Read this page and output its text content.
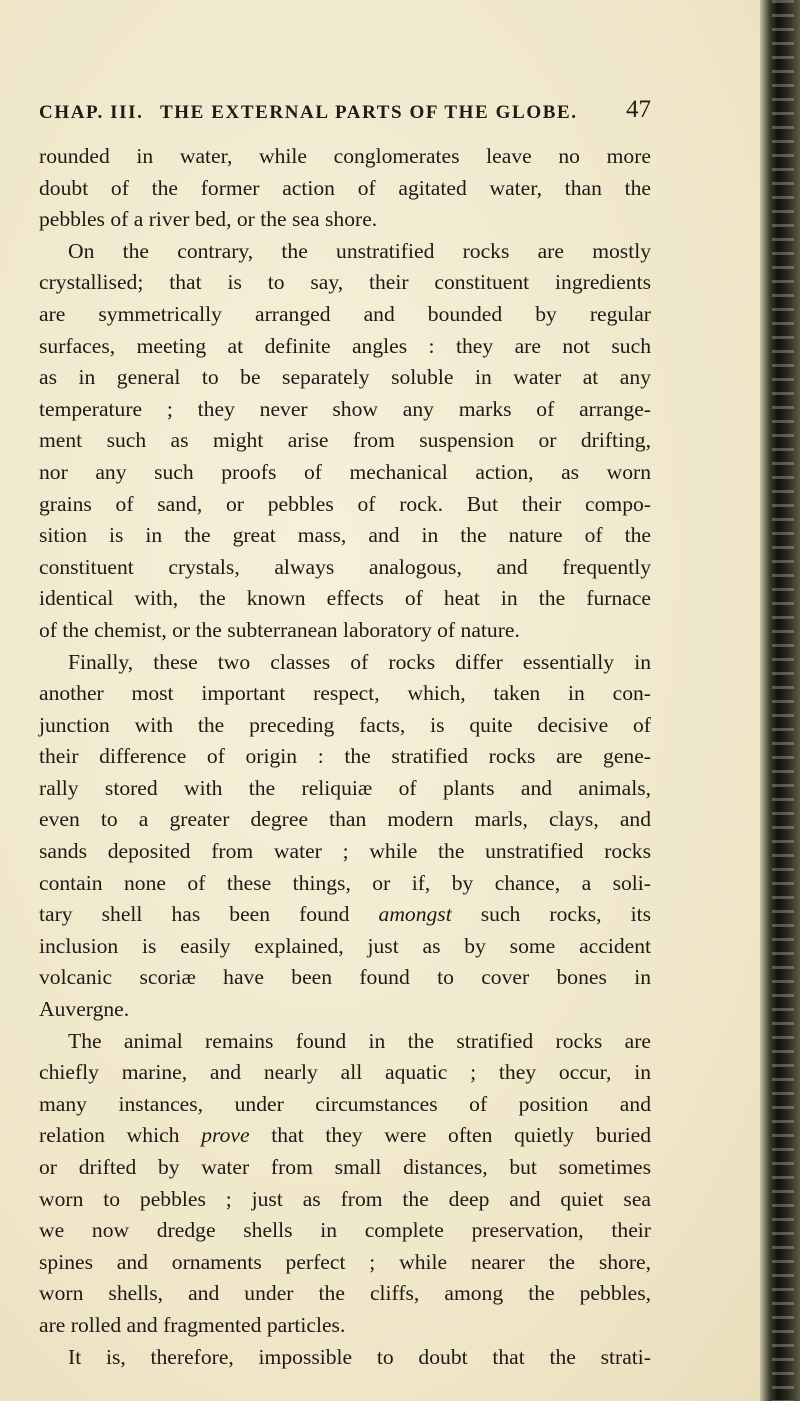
CHAP. III. THE EXTERNAL PARTS OF THE GLOBE. 47
rounded in water, while conglomerates leave no more
doubt of the former action of agitated water, than the
pebbles of a river bed, or the sea shore.
On the contrary, the unstratified rocks are mostly
crystallised; that is to say, their constituent ingredients
are symmetrically arranged and bounded by regular
surfaces, meeting at definite angles : they are not such
as in general to be separately soluble in water at any
temperature ; they never show any marks of arrange-
ment such as might arise from suspension or drifting,
nor any such proofs of mechanical action, as worn
grains of sand, or pebbles of rock. But their compo-
sition is in the great mass, and in the nature of the
constituent crystals, always analogous, and frequently
identical with, the known effects of heat in the furnace
of the chemist, or the subterranean laboratory of nature.
Finally, these two classes of rocks differ essentially in
another most important respect, which, taken in con-
junction with the preceding facts, is quite decisive of
their difference of origin : the stratified rocks are gene-
rally stored with the reliquiæ of plants and animals,
even to a greater degree than modern marls, clays, and
sands deposited from water ; while the unstratified rocks
contain none of these things, or if, by chance, a soli-
tary shell has been found amongst such rocks, its
inclusion is easily explained, just as by some accident
volcanic scoriæ have been found to cover bones in
Auvergne.
The animal remains found in the stratified rocks are
chiefly marine, and nearly all aquatic ; they occur, in
many instances, under circumstances of position and
relation which prove that they were often quietly buried
or drifted by water from small distances, but sometimes
worn to pebbles ; just as from the deep and quiet sea
we now dredge shells in complete preservation, their
spines and ornaments perfect ; while nearer the shore,
worn shells, and under the cliffs, among the pebbles,
are rolled and fragmented particles.
It is, therefore, impossible to doubt that the strati-
